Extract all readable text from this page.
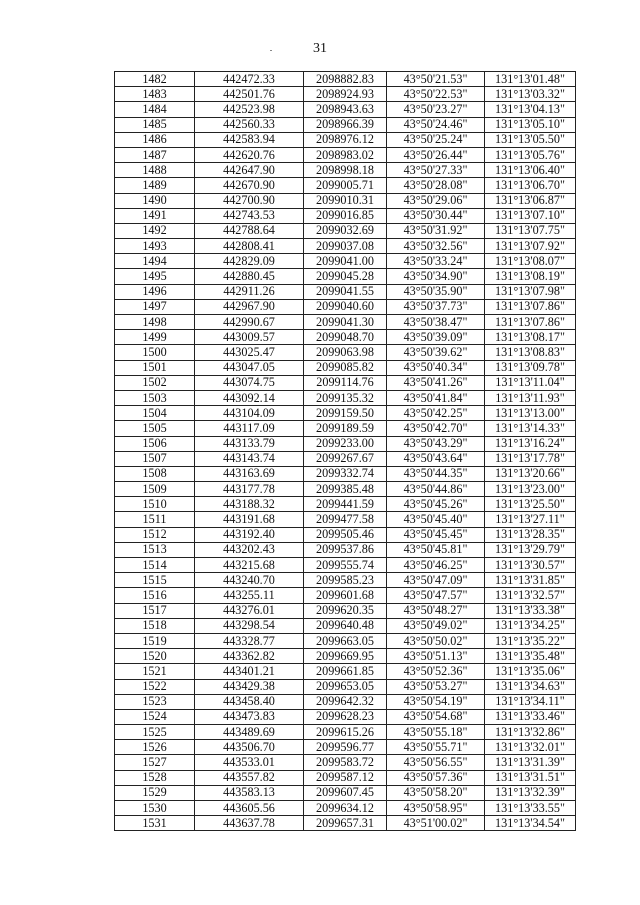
31
1482	442472.33	2098882.83	43°50'21.53"	131°13'01.48"
1483	442501.76	2098924.93	43°50'22.53"	131°13'03.32"
1484	442523.98	2098943.63	43°50'23.27"	131°13'04.13"
1485	442560.33	2098966.39	43°50'24.46"	131°13'05.10"
1486	442583.94	2098976.12	43°50'25.24"	131°13'05.50"
1487	442620.76	2098983.02	43°50'26.44"	131°13'05.76"
1488	442647.90	2098998.18	43°50'27.33"	131°13'06.40"
1489	442670.90	2099005.71	43°50'28.08"	131°13'06.70"
1490	442700.90	2099010.31	43°50'29.06"	131°13'06.87"
1491	442743.53	2099016.85	43°50'30.44"	131°13'07.10"
1492	442788.64	2099032.69	43°50'31.92"	131°13'07.75"
1493	442808.41	2099037.08	43°50'32.56"	131°13'07.92"
1494	442829.09	2099041.00	43°50'33.24"	131°13'08.07"
1495	442880.45	2099045.28	43°50'34.90"	131°13'08.19"
1496	442911.26	2099041.55	43°50'35.90"	131°13'07.98"
1497	442967.90	2099040.60	43°50'37.73"	131°13'07.86"
1498	442990.67	2099041.30	43°50'38.47"	131°13'07.86"
1499	443009.57	2099048.70	43°50'39.09"	131°13'08.17"
1500	443025.47	2099063.98	43°50'39.62"	131°13'08.83"
1501	443047.05	2099085.82	43°50'40.34"	131°13'09.78"
1502	443074.75	2099114.76	43°50'41.26"	131°13'11.04"
1503	443092.14	2099135.32	43°50'41.84"	131°13'11.93"
1504	443104.09	2099159.50	43°50'42.25"	131°13'13.00"
1505	443117.09	2099189.59	43°50'42.70"	131°13'14.33"
1506	443133.79	2099233.00	43°50'43.29"	131°13'16.24"
1507	443143.74	2099267.67	43°50'43.64"	131°13'17.78"
1508	443163.69	2099332.74	43°50'44.35"	131°13'20.66"
1509	443177.78	2099385.48	43°50'44.86"	131°13'23.00"
1510	443188.32	2099441.59	43°50'45.26"	131°13'25.50"
1511	443191.68	2099477.58	43°50'45.40"	131°13'27.11"
1512	443192.40	2099505.46	43°50'45.45"	131°13'28.35"
1513	443202.43	2099537.86	43°50'45.81"	131°13'29.79"
1514	443215.68	2099555.74	43°50'46.25"	131°13'30.57"
1515	443240.70	2099585.23	43°50'47.09"	131°13'31.85"
1516	443255.11	2099601.68	43°50'47.57"	131°13'32.57"
1517	443276.01	2099620.35	43°50'48.27"	131°13'33.38"
1518	443298.54	2099640.48	43°50'49.02"	131°13'34.25"
1519	443328.77	2099663.05	43°50'50.02"	131°13'35.22"
1520	443362.82	2099669.95	43°50'51.13"	131°13'35.48"
1521	443401.21	2099661.85	43°50'52.36"	131°13'35.06"
1522	443429.38	2099653.05	43°50'53.27"	131°13'34.63"
1523	443458.40	2099642.32	43°50'54.19"	131°13'34.11"
1524	443473.83	2099628.23	43°50'54.68"	131°13'33.46"
1525	443489.69	2099615.26	43°50'55.18"	131°13'32.86"
1526	443506.70	2099596.77	43°50'55.71"	131°13'32.01"
1527	443533.01	2099583.72	43°50'56.55"	131°13'31.39"
1528	443557.82	2099587.12	43°50'57.36"	131°13'31.51"
1529	443583.13	2099607.45	43°50'58.20"	131°13'32.39"
1530	443605.56	2099634.12	43°50'58.95"	131°13'33.55"
1531	443637.78	2099657.31	43°51'00.02"	131°13'34.54"
